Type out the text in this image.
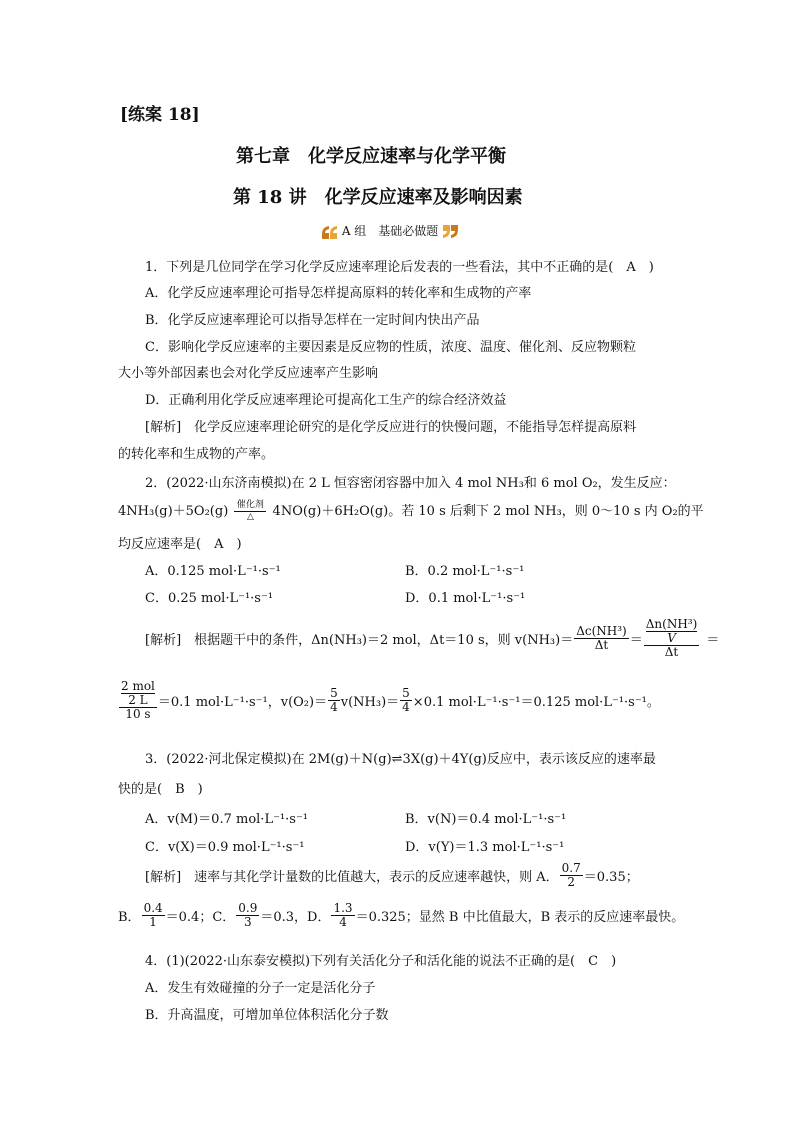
[练案 18]
第七章　化学反应速率与化学平衡
第 18 讲　化学反应速率及影响因素
A 组　基础必做题
1．下列是几位同学在学习化学反应速率理论后发表的一些看法，其中不正确的是(　A　)
A．化学反应速率理论可指导怎样提高原料的转化率和生成物的产率
B．化学反应速率理论可以指导怎样在一定时间内快出产品
C．影响化学反应速率的主要因素是反应物的性质，浓度、温度、催化剂、反应物颗粒
大小等外部因素也会对化学反应速率产生影响
D．正确利用化学反应速率理论可提高化工生产的综合经济效益
[解析]　化学反应速率理论研究的是化学反应进行的快慢问题，不能指导怎样提高原料
的转化率和生成物的产率。
2．(2022·山东济南模拟)在 2 L 恒容密闭容器中加入 4 mol NH₃和 6 mol O₂，发生反应：
4NH₃(g)＋5O₂(g) 催化剂
△ 4NO(g)＋6H₂O(g)。若 10 s 后剩下 2 mol NH₃，则 0～10 s 内 O₂的平
均反应速率是(　A　)
A．0.125 mol·L⁻¹·s⁻¹	B．0.2 mol·L⁻¹·s⁻¹
C．0.25 mol·L⁻¹·s⁻¹	D．0.1 mol·L⁻¹·s⁻¹
[解析]　根据题干中的条件，Δn(NH₃)＝2 mol，Δt＝10 s，则 $v(NH_3)= \frac{\text{Δc(NH³)}}{\Delta t} = \Delta n(NH^3)$
V
Δt ＝
2 mol
2 L
10 s ＝0.1 mol·L⁻¹·s⁻¹，$v(O_2)= \frac{5}{4} v(NH_3)= \frac{5}{4} \times 0.1$ mol·L⁻¹·s⁻¹＝0.125 mol·L⁻¹·s⁻¹。
3．(2022·河北保定模拟)在 2M(g)＋N(g)⇌3X(g)＋4Y(g)反应中，表示该反应的速率最
快的是(　B　)
A．v(M)＝0.7 mol·L⁻¹·s⁻¹	B．v(N)＝0.4 mol·L⁻¹·s⁻¹
C．v(X)＝0.9 mol·L⁻¹·s⁻¹	D．v(Y)＝1.3 mol·L⁻¹·s⁻¹
[解析]　速率与其化学计量数的比值越大，表示的反应速率越快，则 A． $\frac{0.7}{2} =0.35$；
B． $\frac{0.4}{1} =0.4$；C． $\frac{0.9}{3} =0.3$，D． $\frac{1.3}{4} =0.325$；显然 B 中比值最大，B 表示的反应速率最快。
4．(1)(2022·山东泰安模拟)下列有关活化分子和活化能的说法不正确的是(　C　)
A．发生有效碰撞的分子一定是活化分子
B．升高温度，可增加单位体积活化分子数
